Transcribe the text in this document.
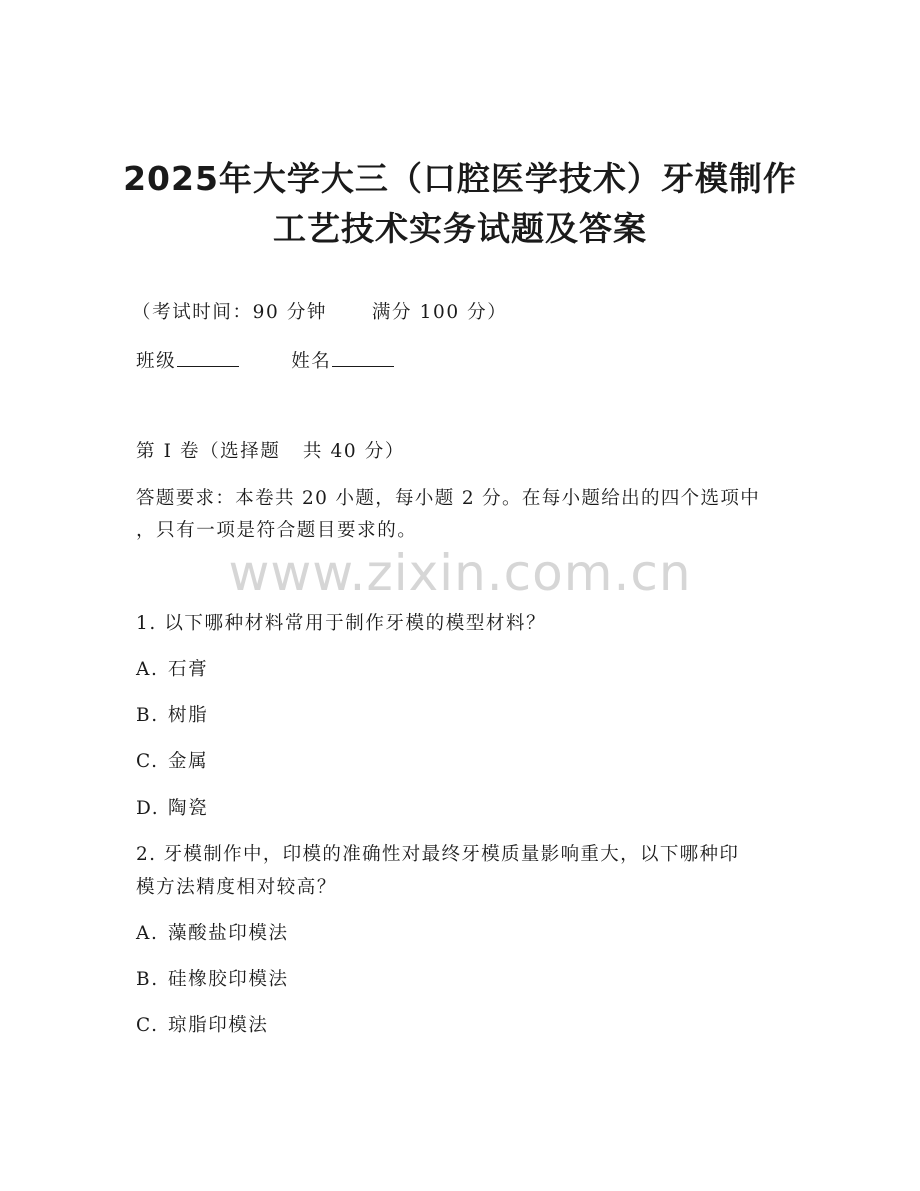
2025年大学大三（口腔医学技术）牙模制作
工艺技术实务试题及答案
（考试时间：90 分钟      满分 100 分）
班级	姓名
第 I 卷（选择题   共 40 分）
答题要求：本卷共 20 小题，每小题 2 分。在每小题给出的四个选项中
，只有一项是符合题目要求的。
www.zixin.com.cn
1. 以下哪种材料常用于制作牙模的模型材料？
A. 石膏
B. 树脂
C. 金属
D. 陶瓷
2. 牙模制作中，印模的准确性对最终牙模质量影响重大，以下哪种印
模方法精度相对较高？
A. 藻酸盐印模法
B. 硅橡胶印模法
C. 琼脂印模法
